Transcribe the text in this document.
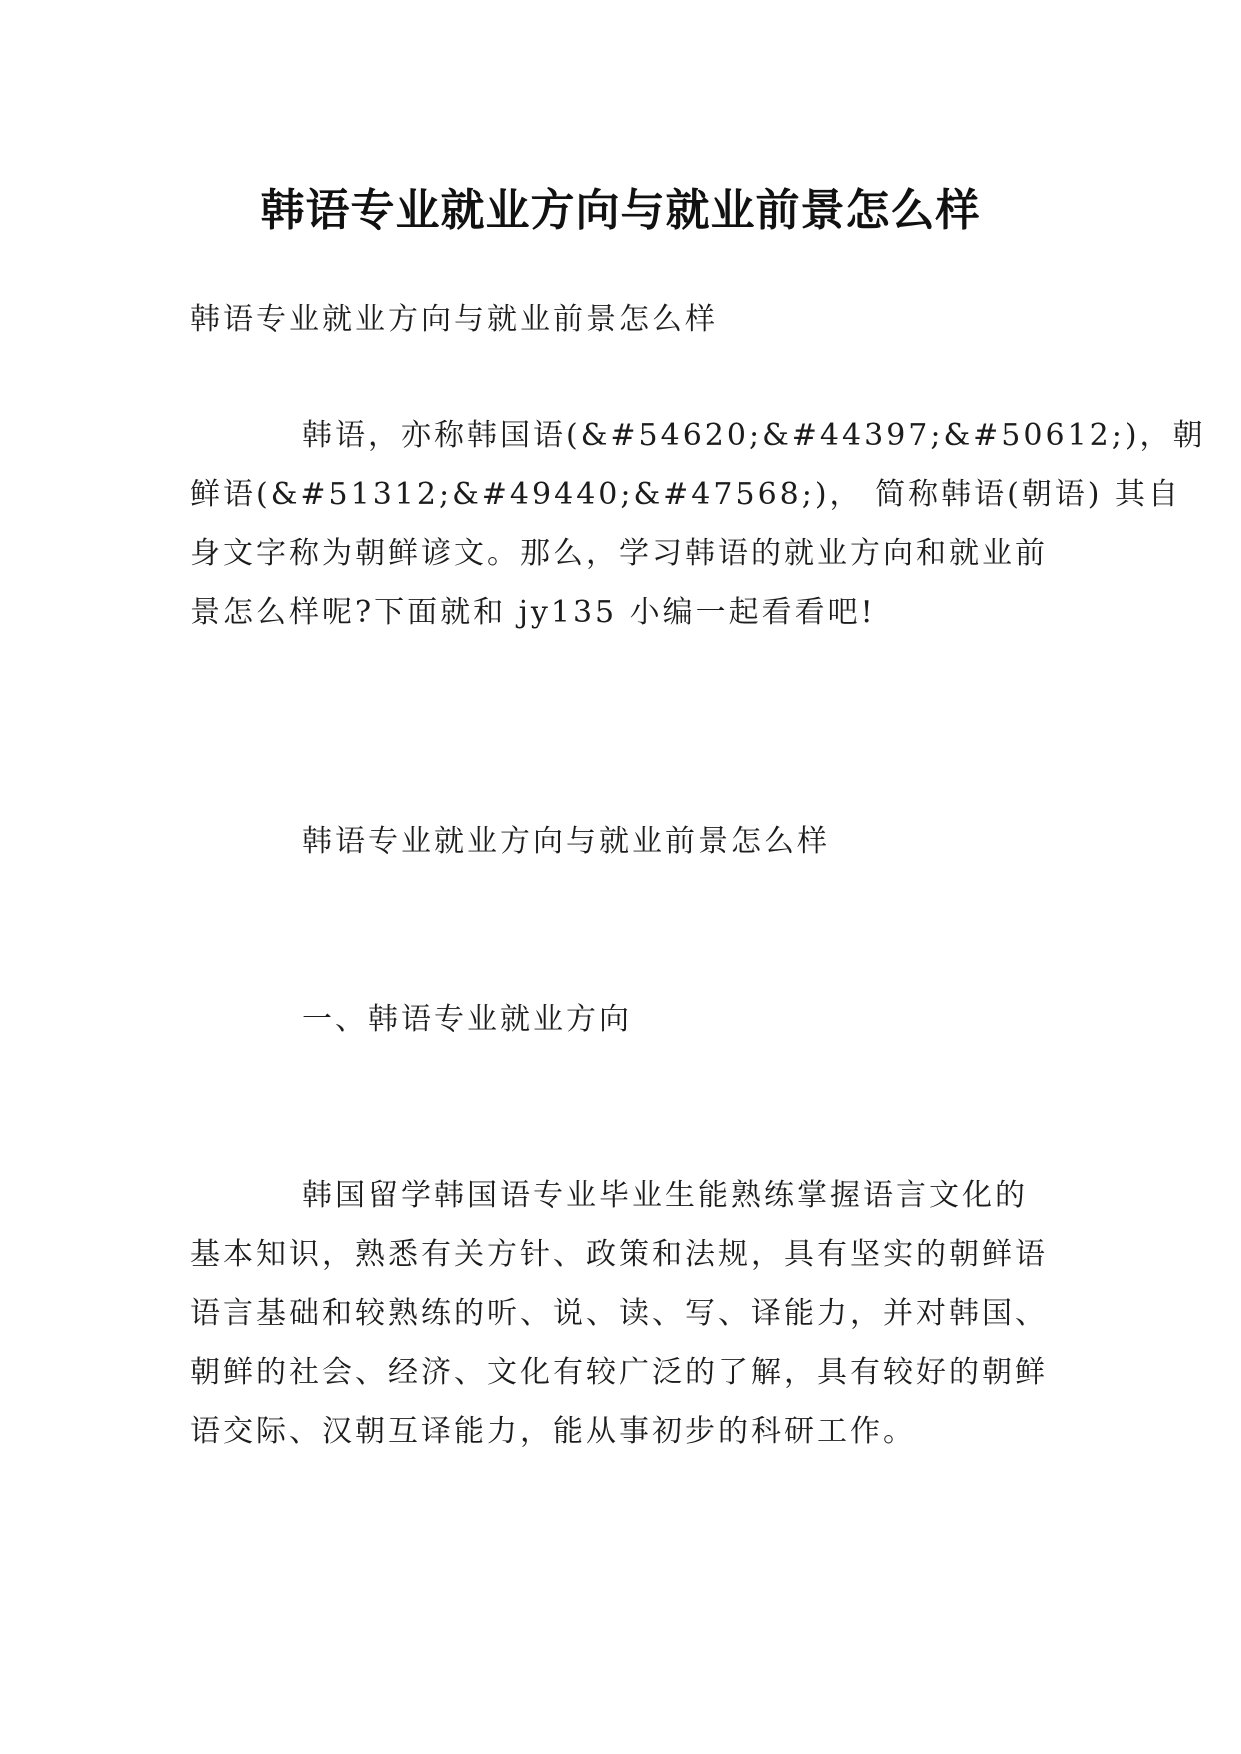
韩语专业就业方向与就业前景怎么样

韩语专业就业方向与就业前景怎么样

韩语，亦称韩国语(&#54620;&#44397;&#50612;)，朝
鲜语(&#51312;&#49440;&#47568;)， 简称韩语(朝语) 其自
身文字称为朝鲜谚文。那么，学习韩语的就业方向和就业前
景怎么样呢?下面就和 jy135 小编一起看看吧!

韩语专业就业方向与就业前景怎么样

一、韩语专业就业方向

韩国留学韩国语专业毕业生能熟练掌握语言文化的
基本知识，熟悉有关方针、政策和法规，具有坚实的朝鲜语
语言基础和较熟练的听、说、读、写、译能力，并对韩国、
朝鲜的社会、经济、文化有较广泛的了解，具有较好的朝鲜
语交际、汉朝互译能力，能从事初步的科研工作。
